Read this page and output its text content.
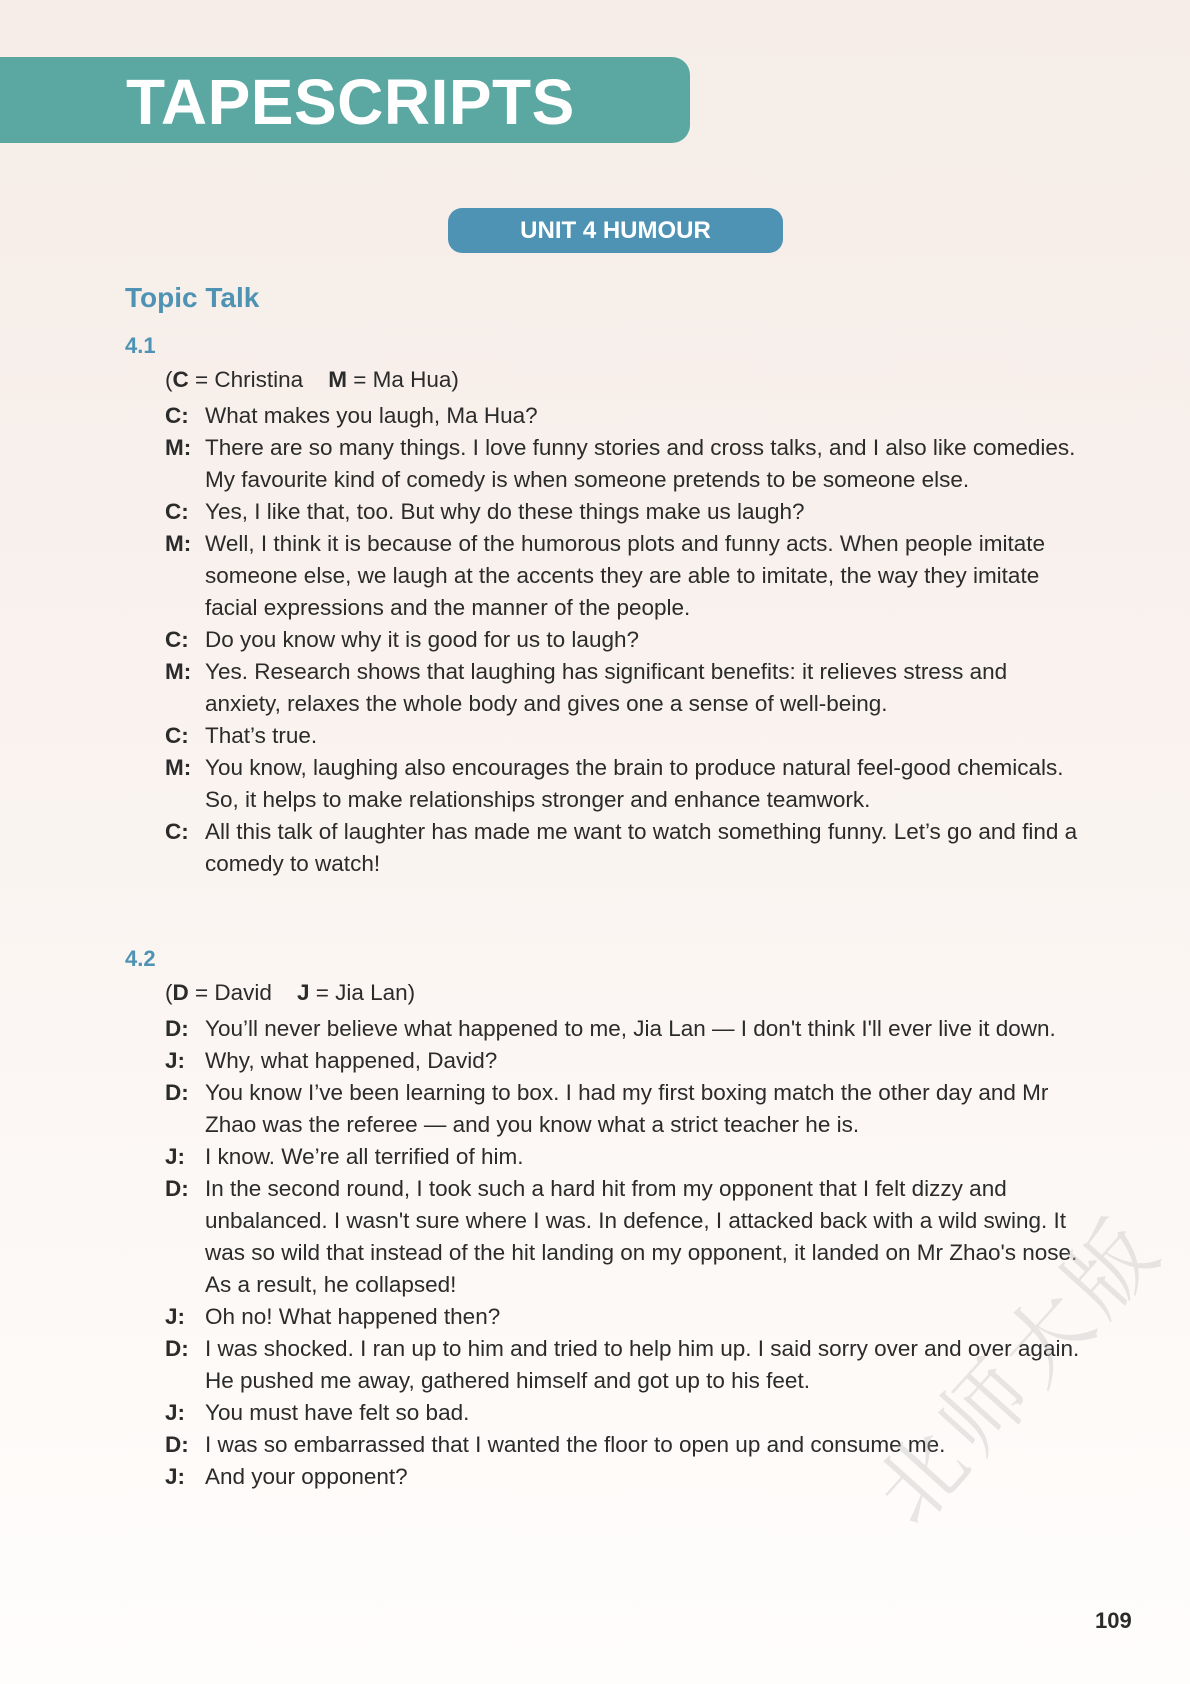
TAPESCRIPTS
UNIT 4 HUMOUR
Topic Talk
4.1
(C = Christina M = Ma Hua)
C: What makes you laugh, Ma Hua?
M: There are so many things. I love funny stories and cross talks, and I also like comedies. My favourite kind of comedy is when someone pretends to be someone else.
C: Yes, I like that, too. But why do these things make us laugh?
M: Well, I think it is because of the humorous plots and funny acts. When people imitate someone else, we laugh at the accents they are able to imitate, the way they imitate facial expressions and the manner of the people.
C: Do you know why it is good for us to laugh?
M: Yes. Research shows that laughing has significant benefits: it relieves stress and anxiety, relaxes the whole body and gives one a sense of well-being.
C: That’s true.
M: You know, laughing also encourages the brain to produce natural feel-good chemicals. So, it helps to make relationships stronger and enhance teamwork.
C: All this talk of laughter has made me want to watch something funny. Let’s go and find a comedy to watch!
4.2
(D = David J = Jia Lan)
D: You’ll never believe what happened to me, Jia Lan — I don't think I'll ever live it down.
J: Why, what happened, David?
D: You know I’ve been learning to box. I had my first boxing match the other day and Mr Zhao was the referee — and you know what a strict teacher he is.
J: I know. We’re all terrified of him.
D: In the second round, I took such a hard hit from my opponent that I felt dizzy and unbalanced. I wasn't sure where I was. In defence, I attacked back with a wild swing. It was so wild that instead of the hit landing on my opponent, it landed on Mr Zhao's nose. As a result, he collapsed!
J: Oh no! What happened then?
D: I was shocked. I ran up to him and tried to help him up. I said sorry over and over again. He pushed me away, gathered himself and got up to his feet.
J: You must have felt so bad.
D: I was so embarrassed that I wanted the floor to open up and consume me.
J: And your opponent?	北师大版

109
